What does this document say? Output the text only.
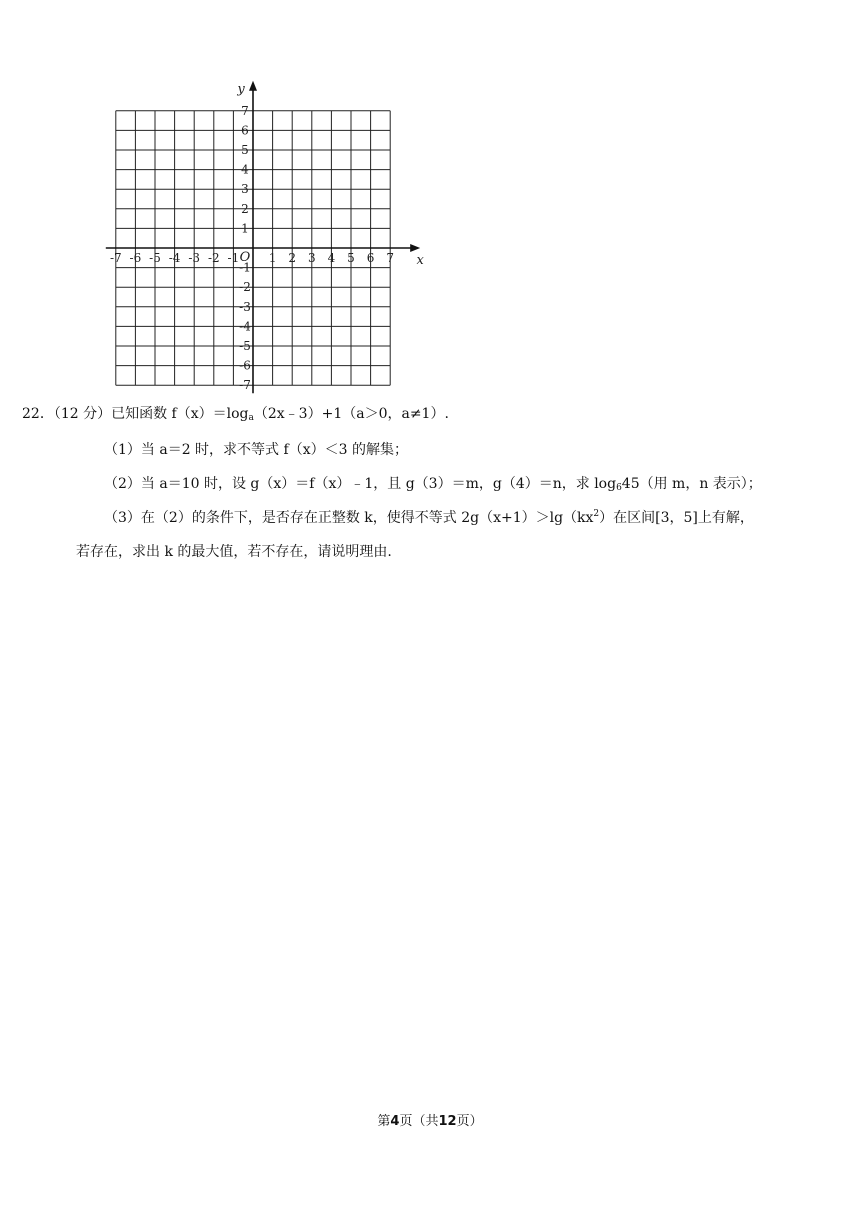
-7 -6 -5 -4 -3 -2 -1 1 2 3 4 5 6 7
7
6
5
4
3
2
1
-1
-2
-3
-4
-5
-6
-7
x
y
O
22．（12 分）已知函数 $f(x)=\log_a(2x﹣3)+1(a>0$，a≠1）.
（1）当 a＝2 时，求不等式 f（x）＜3 的解集；
（2）当 a＝10 时，设 g（x）＝f（x）﹣1，且 g（3）＝m，g（4）＝n，求 $\log_645$（用 m，n 表示）；
（3）在（2）的条件下，是否存在正整数 k，使得不等式 $2g(x+1)>\lg(kx^2)$在区间[3，5]上有解，
若存在，求出 k 的最大值，若不存在，请说明理由.
第4页（共12页）
